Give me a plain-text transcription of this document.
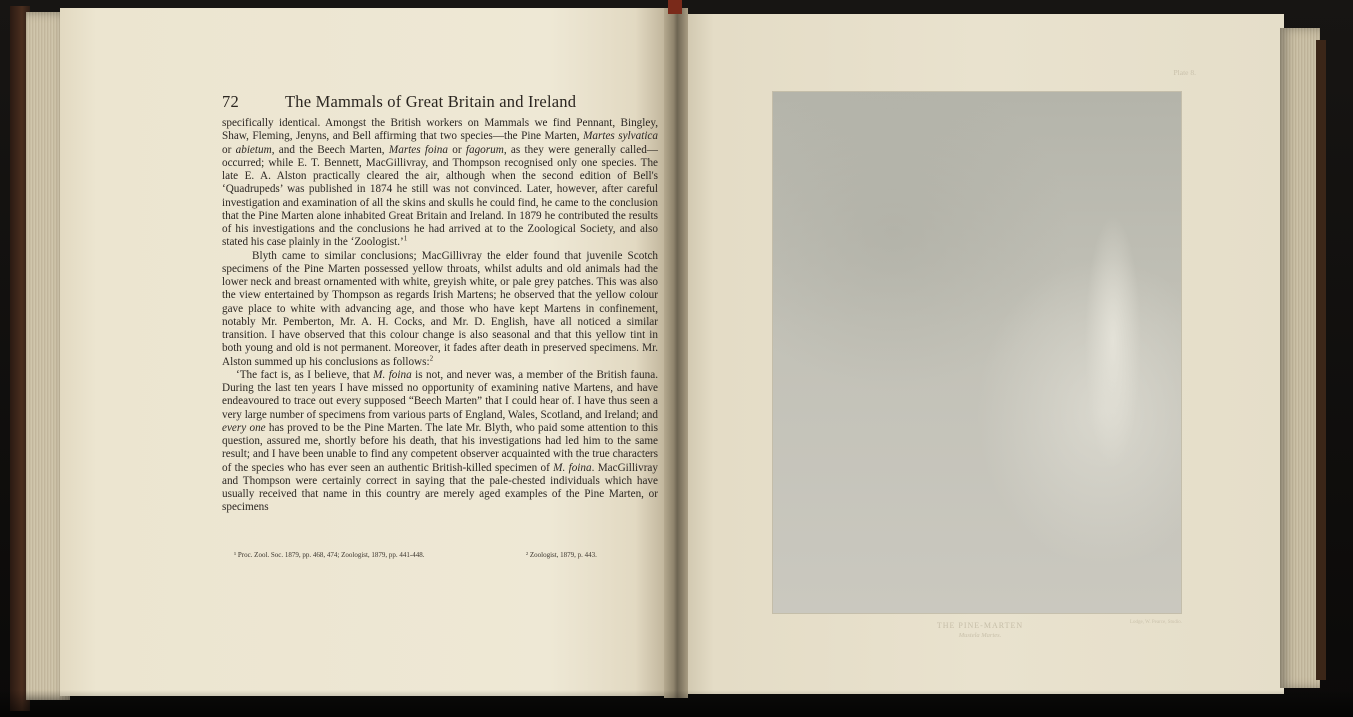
72	The Mammals of Great Britain and Ireland

specifically identical. Amongst the British workers on Mammals we find Pennant, Bingley, Shaw, Fleming, Jenyns, and Bell affirming that two species—the Pine Marten, Martes sylvatica or abietum, and the Beech Marten, Martes foina or fagorum, as they were generally called—occurred; while E. T. Bennett, MacGillivray, and Thompson recognised only one species. The late E. A. Alston practically cleared the air, although when the second edition of Bell's ‘Quadrupeds’ was published in 1874 he still was not convinced. Later, however, after careful investigation and examination of all the skins and skulls he could find, he came to the conclusion that the Pine Marten alone inhabited Great Britain and Ireland. In 1879 he contributed the results of his investigations and the conclusions he had arrived at to the Zoological Society, and also stated his case plainly in the ‘Zoologist.’$^1$

Blyth came to similar conclusions; MacGillivray the elder found that juvenile Scotch specimens of the Pine Marten possessed yellow throats, whilst adults and old animals had the lower neck and breast ornamented with white, greyish white, or pale grey patches. This was also the view entertained by Thompson as regards Irish Martens; he observed that the yellow colour gave place to white with advancing age, and those who have kept Martens in confinement, notably Mr. Pemberton, Mr. A. H. Cocks, and Mr. D. English, have all noticed a similar transition. I have observed that this colour change is also seasonal and that this yellow tint in both young and old is not permanent. Moreover, it fades after death in preserved specimens. Mr. Alston summed up his conclusions as follows:$^2$

‘The fact is, as I believe, that M. foina is not, and never was, a member of the British fauna. During the last ten years I have missed no opportunity of examining native Martens, and have endeavoured to trace out every supposed “Beech Marten” that I could hear of. I have thus seen a very large number of specimens from various parts of England, Wales, Scotland, and Ireland; and every one has proved to be the Pine Marten. The late Mr. Blyth, who paid some attention to this question, assured me, shortly before his death, that his investigations had led him to the same result; and I have been unable to find any competent observer acquainted with the true characters of the species who has ever seen an authentic British-killed specimen of M. foina. MacGillivray and Thompson were certainly correct in saying that the pale-chested individuals which have usually received that name in this country are merely aged examples of the Pine Marten, or specimens

¹ Proc. Zool. Soc. 1879, pp. 468, 474; Zoologist, 1879, pp. 441-448.	² Zoologist, 1879, p. 443.
Plate 8.
THE PINE-MARTEN
Mustela Martes.
Lodge, W. Pearce, Studio.
